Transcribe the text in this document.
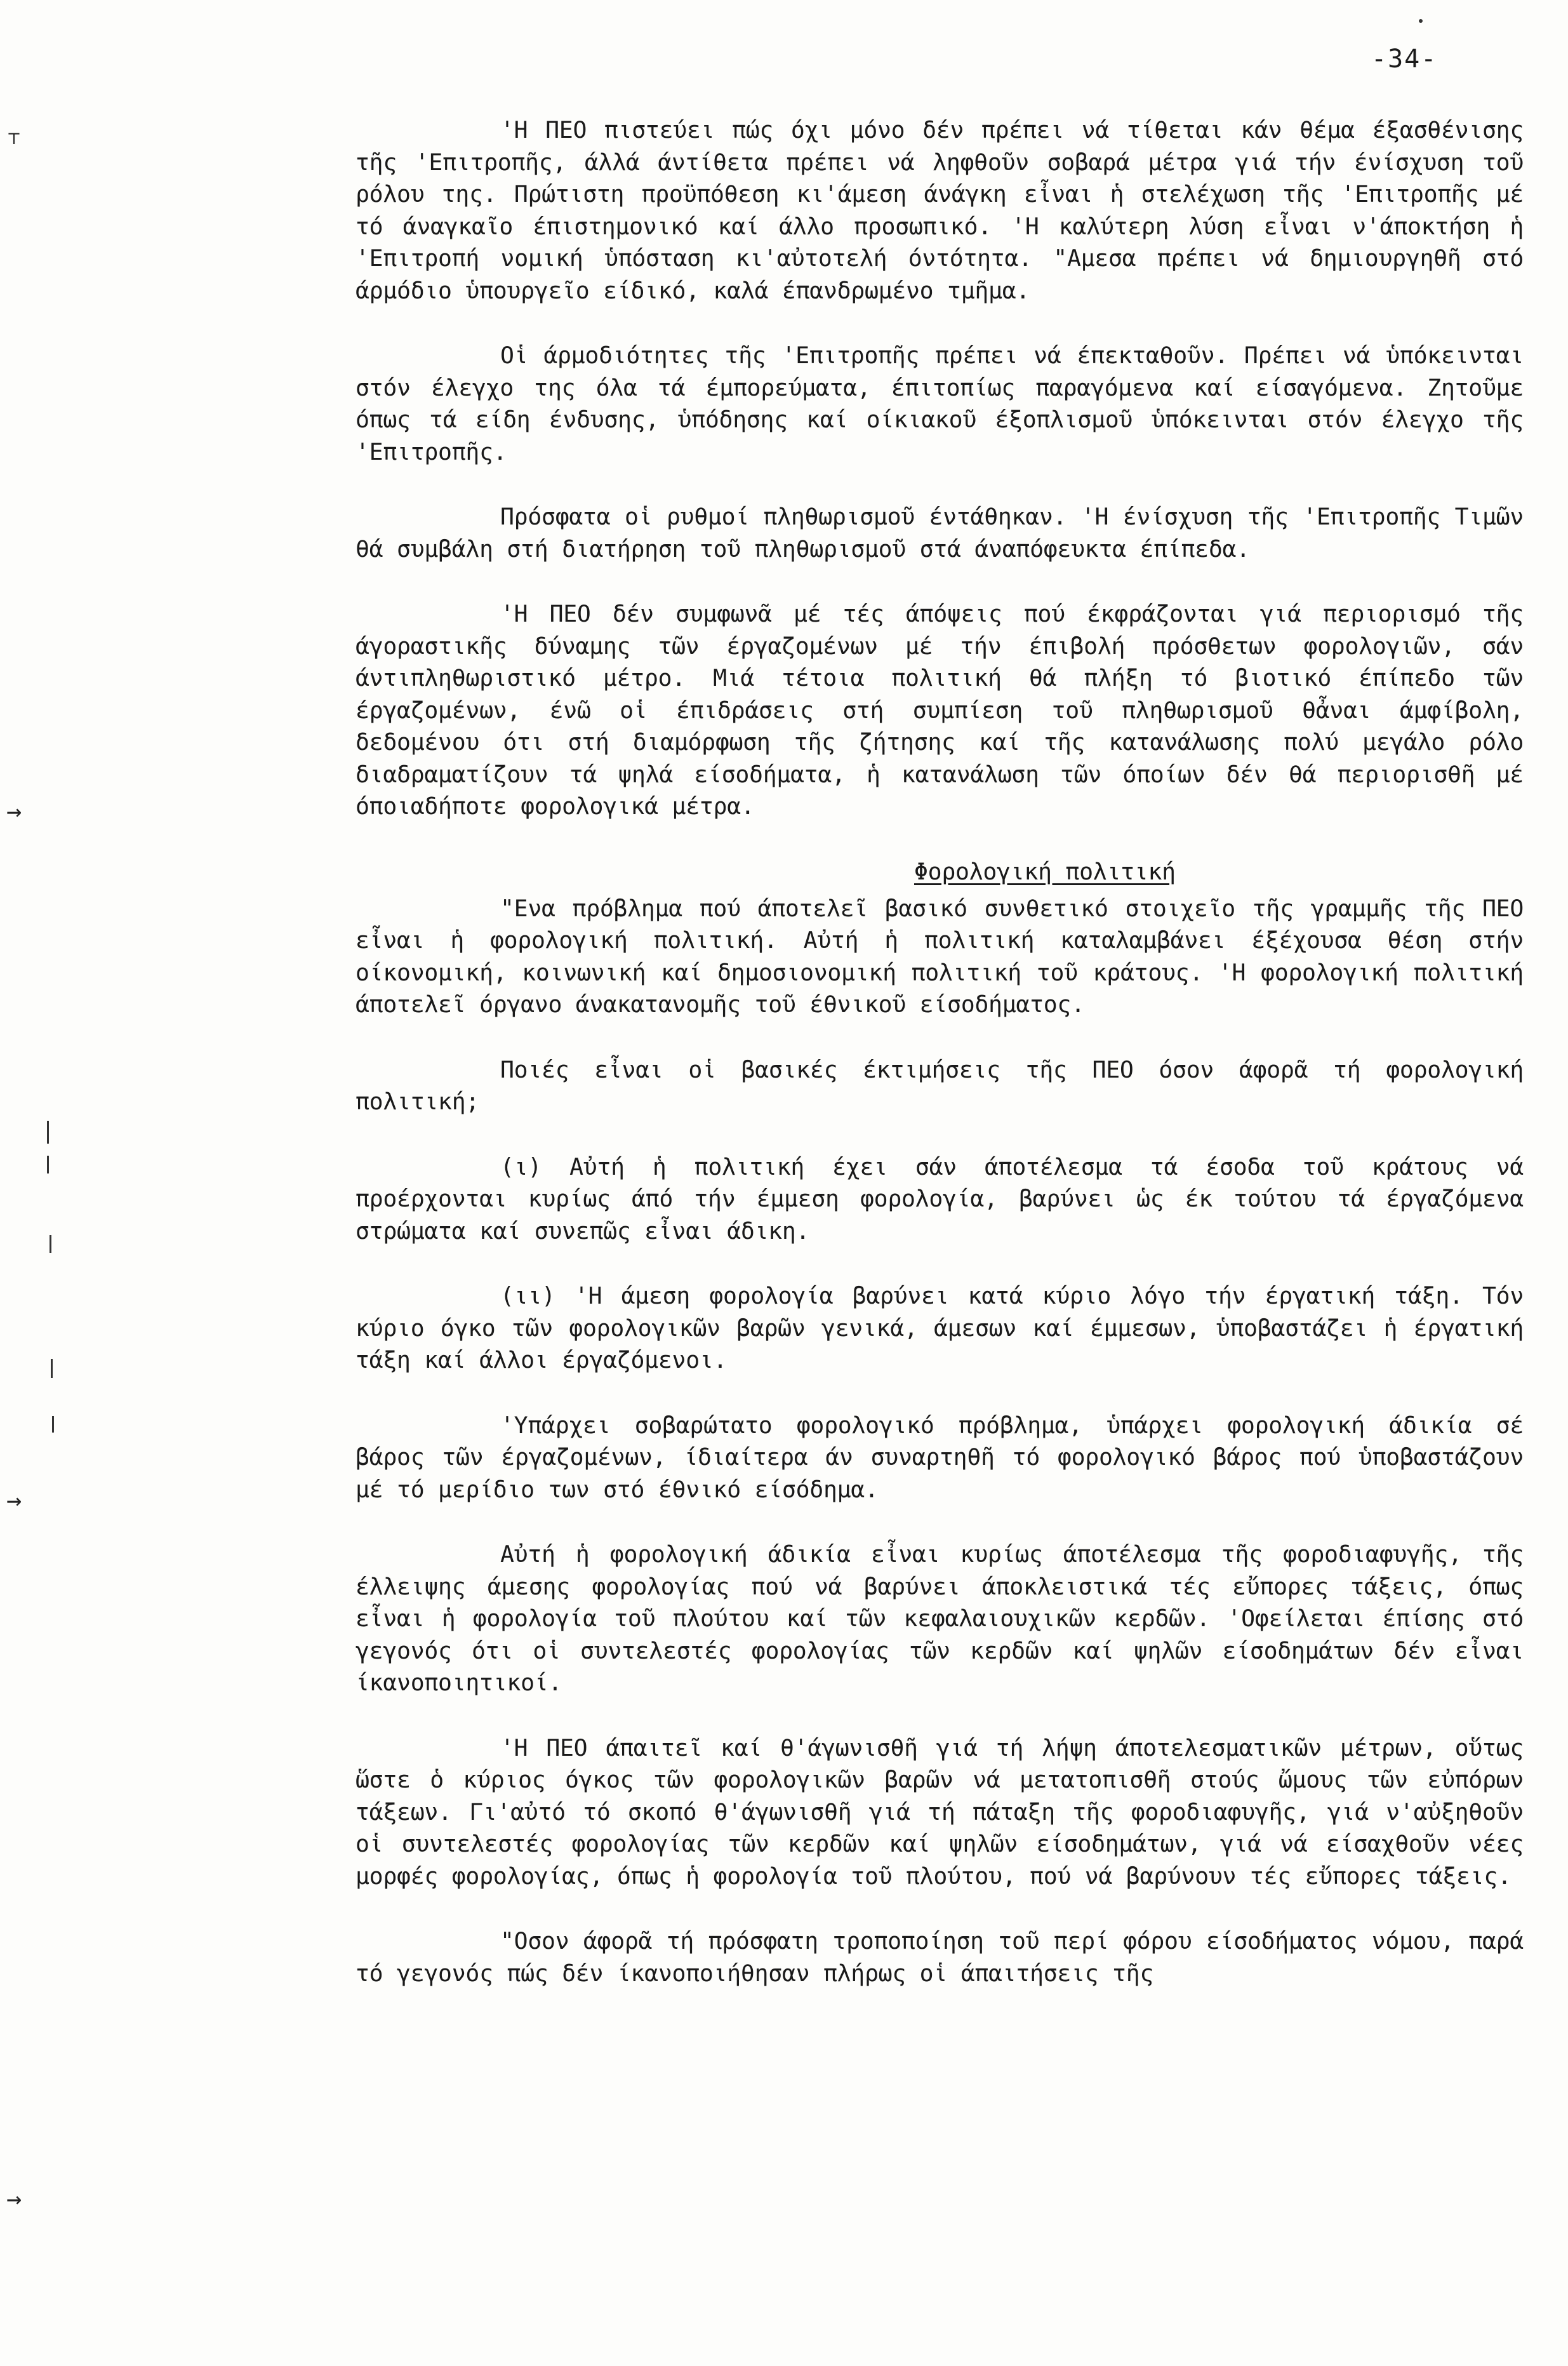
⸆
→
→
→
-34-

'Η ΠΕΟ πιστεύει πώς όχι μόνο δέν πρέπει νά τίθεται κάν θέμα έξασθένισης τῆς 'Επιτροπῆς, άλλά άντίθετα πρέπει νά ληφθοῦν σοβαρά μέτρα γιά τήν ένίσχυση τοῦ ρόλου της. Πρώτιστη προϋπόθεση κι'άμεση άνάγκη εἶναι ἡ στελέχωση τῆς 'Επιτροπῆς μέ τό άναγκαῖο έπιστημονικό καί άλλο προσωπικό. 'Η καλύτερη λύση εἶναι ν'άποκτήση ἡ 'Επιτροπή νομική ὑπόσταση κι'αὐτοτελή όντότητα. "Αμεσα πρέπει νά δημιουργηθῆ στό άρμόδιο ὑπουργεῖο είδικό, καλά έπανδρωμένο τμῆμα.

Οἱ άρμοδιότητες τῆς 'Επιτροπῆς πρέπει νά έπεκταθοῦν. Πρέπει νά ὑπόκεινται στόν έλεγχο της όλα τά έμπορεύματα, έπιτοπίως παραγόμενα καί είσαγόμενα. Ζητοῦμε όπως τά είδη ένδυσης, ὑπόδησης καί οίκιακοῦ έξοπλισμοῦ ὑπόκεινται στόν έλεγχο τῆς 'Επιτροπῆς.

Πρόσφατα οἱ ρυθμοί πληθωρισμοῦ έντάθηκαν. 'Η ένίσχυση τῆς 'Επιτροπῆς Τιμῶν θά συμβάλη στή διατήρηση τοῦ πληθωρισμοῦ στά άναπόφευκτα έπίπεδα.

'Η ΠΕΟ δέν συμφωνᾶ μέ τές άπόψεις πού έκφράζονται γιά περιορισμό τῆς άγοραστικῆς δύναμης τῶν έργαζομένων μέ τήν έπιβολή πρόσθετων φορολογιῶν, σάν άντιπληθωριστικό μέτρο. Μιά τέτοια πολιτική θά πλήξη τό βιοτικό έπίπεδο τῶν έργαζομένων, ένῶ οἱ έπιδράσεις στή συμπίεση τοῦ πληθωρισμοῦ θἆναι άμφίβολη, δεδομένου ότι στή διαμόρφωση τῆς ζήτησης καί τῆς κατανάλωσης πολύ μεγάλο ρόλο διαδραματίζουν τά ψηλά είσοδήματα, ἡ κατανάλωση τῶν όποίων δέν θά περιορισθῆ μέ όποιαδήποτε φορολογικά μέτρα.

Φορολογική πολιτική

"Ενα πρόβλημα πού άποτελεῖ βασικό συνθετικό στοιχεῖο τῆς γραμμῆς τῆς ΠΕΟ εἶναι ἡ φορολογική πολιτική. Αὐτή ἡ πολιτική καταλαμβάνει έξέχουσα θέση στήν οίκονομική, κοινωνική καί δημοσιονομική πολιτική τοῦ κράτους. 'Η φορολογική πολιτική άποτελεῖ όργανο άνακατανομῆς τοῦ έθνικοῦ είσοδήματος.

Ποιές εἶναι οἱ βασικές έκτιμήσεις τῆς ΠΕΟ όσον άφορᾶ τή φορολογική πολιτική;

(ι) Αὐτή ἡ πολιτική έχει σάν άποτέλεσμα τά έσοδα τοῦ κράτους νά προέρχονται κυρίως άπό τήν έμμεση φορολογία, βαρύνει ὡς έκ τούτου τά έργαζόμενα στρώματα καί συνεπῶς εἶναι άδικη.

(ιι) 'Η άμεση φορολογία βαρύνει κατά κύριο λόγο τήν έργατική τάξη. Τόν κύριο όγκο τῶν φορολογικῶν βαρῶν γενικά, άμεσων καί έμμεσων, ὑποβαστάζει ἡ έργατική τάξη καί άλλοι έργαζόμενοι.

'Υπάρχει σοβαρώτατο φορολογικό πρόβλημα, ὑπάρχει φορολογική άδικία σέ βάρος τῶν έργαζομένων, ίδιαίτερα άν συναρτηθῆ τό φορολογικό βάρος πού ὑποβαστάζουν μέ τό μερίδιο των στό έθνικό είσόδημα.

Αὐτή ἡ φορολογική άδικία εἶναι κυρίως άποτέλεσμα τῆς φοροδιαφυγῆς, τῆς έλλειψης άμεσης φορολογίας πού νά βαρύνει άποκλειστικά τές εὔπορες τάξεις, όπως εἶναι ἡ φορολογία τοῦ πλούτου καί τῶν κεφαλαιουχικῶν κερδῶν. 'Οφείλεται έπίσης στό γεγονός ότι οἱ συντελεστές φορολογίας τῶν κερδῶν καί ψηλῶν είσοδημάτων δέν εἶναι ίκανοποιητικοί.

'Η ΠΕΟ άπαιτεῖ καί θ'άγωνισθῆ γιά τή λήψη άποτελεσματικῶν μέτρων, οὕτως ὥστε ὁ κύριος όγκος τῶν φορολογικῶν βαρῶν νά μετατοπισθῆ στούς ὤμους τῶν εὐπόρων τάξεων. Γι'αὐτό τό σκοπό θ'άγωνισθῆ γιά τή πάταξη τῆς φοροδιαφυγῆς, γιά ν'αὐξηθοῦν οἱ συντελεστές φορολογίας τῶν κερδῶν καί ψηλῶν είσοδημάτων, γιά νά είσαχθοῦν νέες μορφές φορολογίας, όπως ἡ φορολογία τοῦ πλούτου, πού νά βαρύνουν τές εὔπορες τάξεις.

"Οσον άφορᾶ τή πρόσφατη τροποποίηση τοῦ περί φόρου είσοδήματος νόμου, παρά τό γεγονός πώς δέν ίκανοποιήθησαν πλήρως οἱ άπαιτήσεις τῆς
